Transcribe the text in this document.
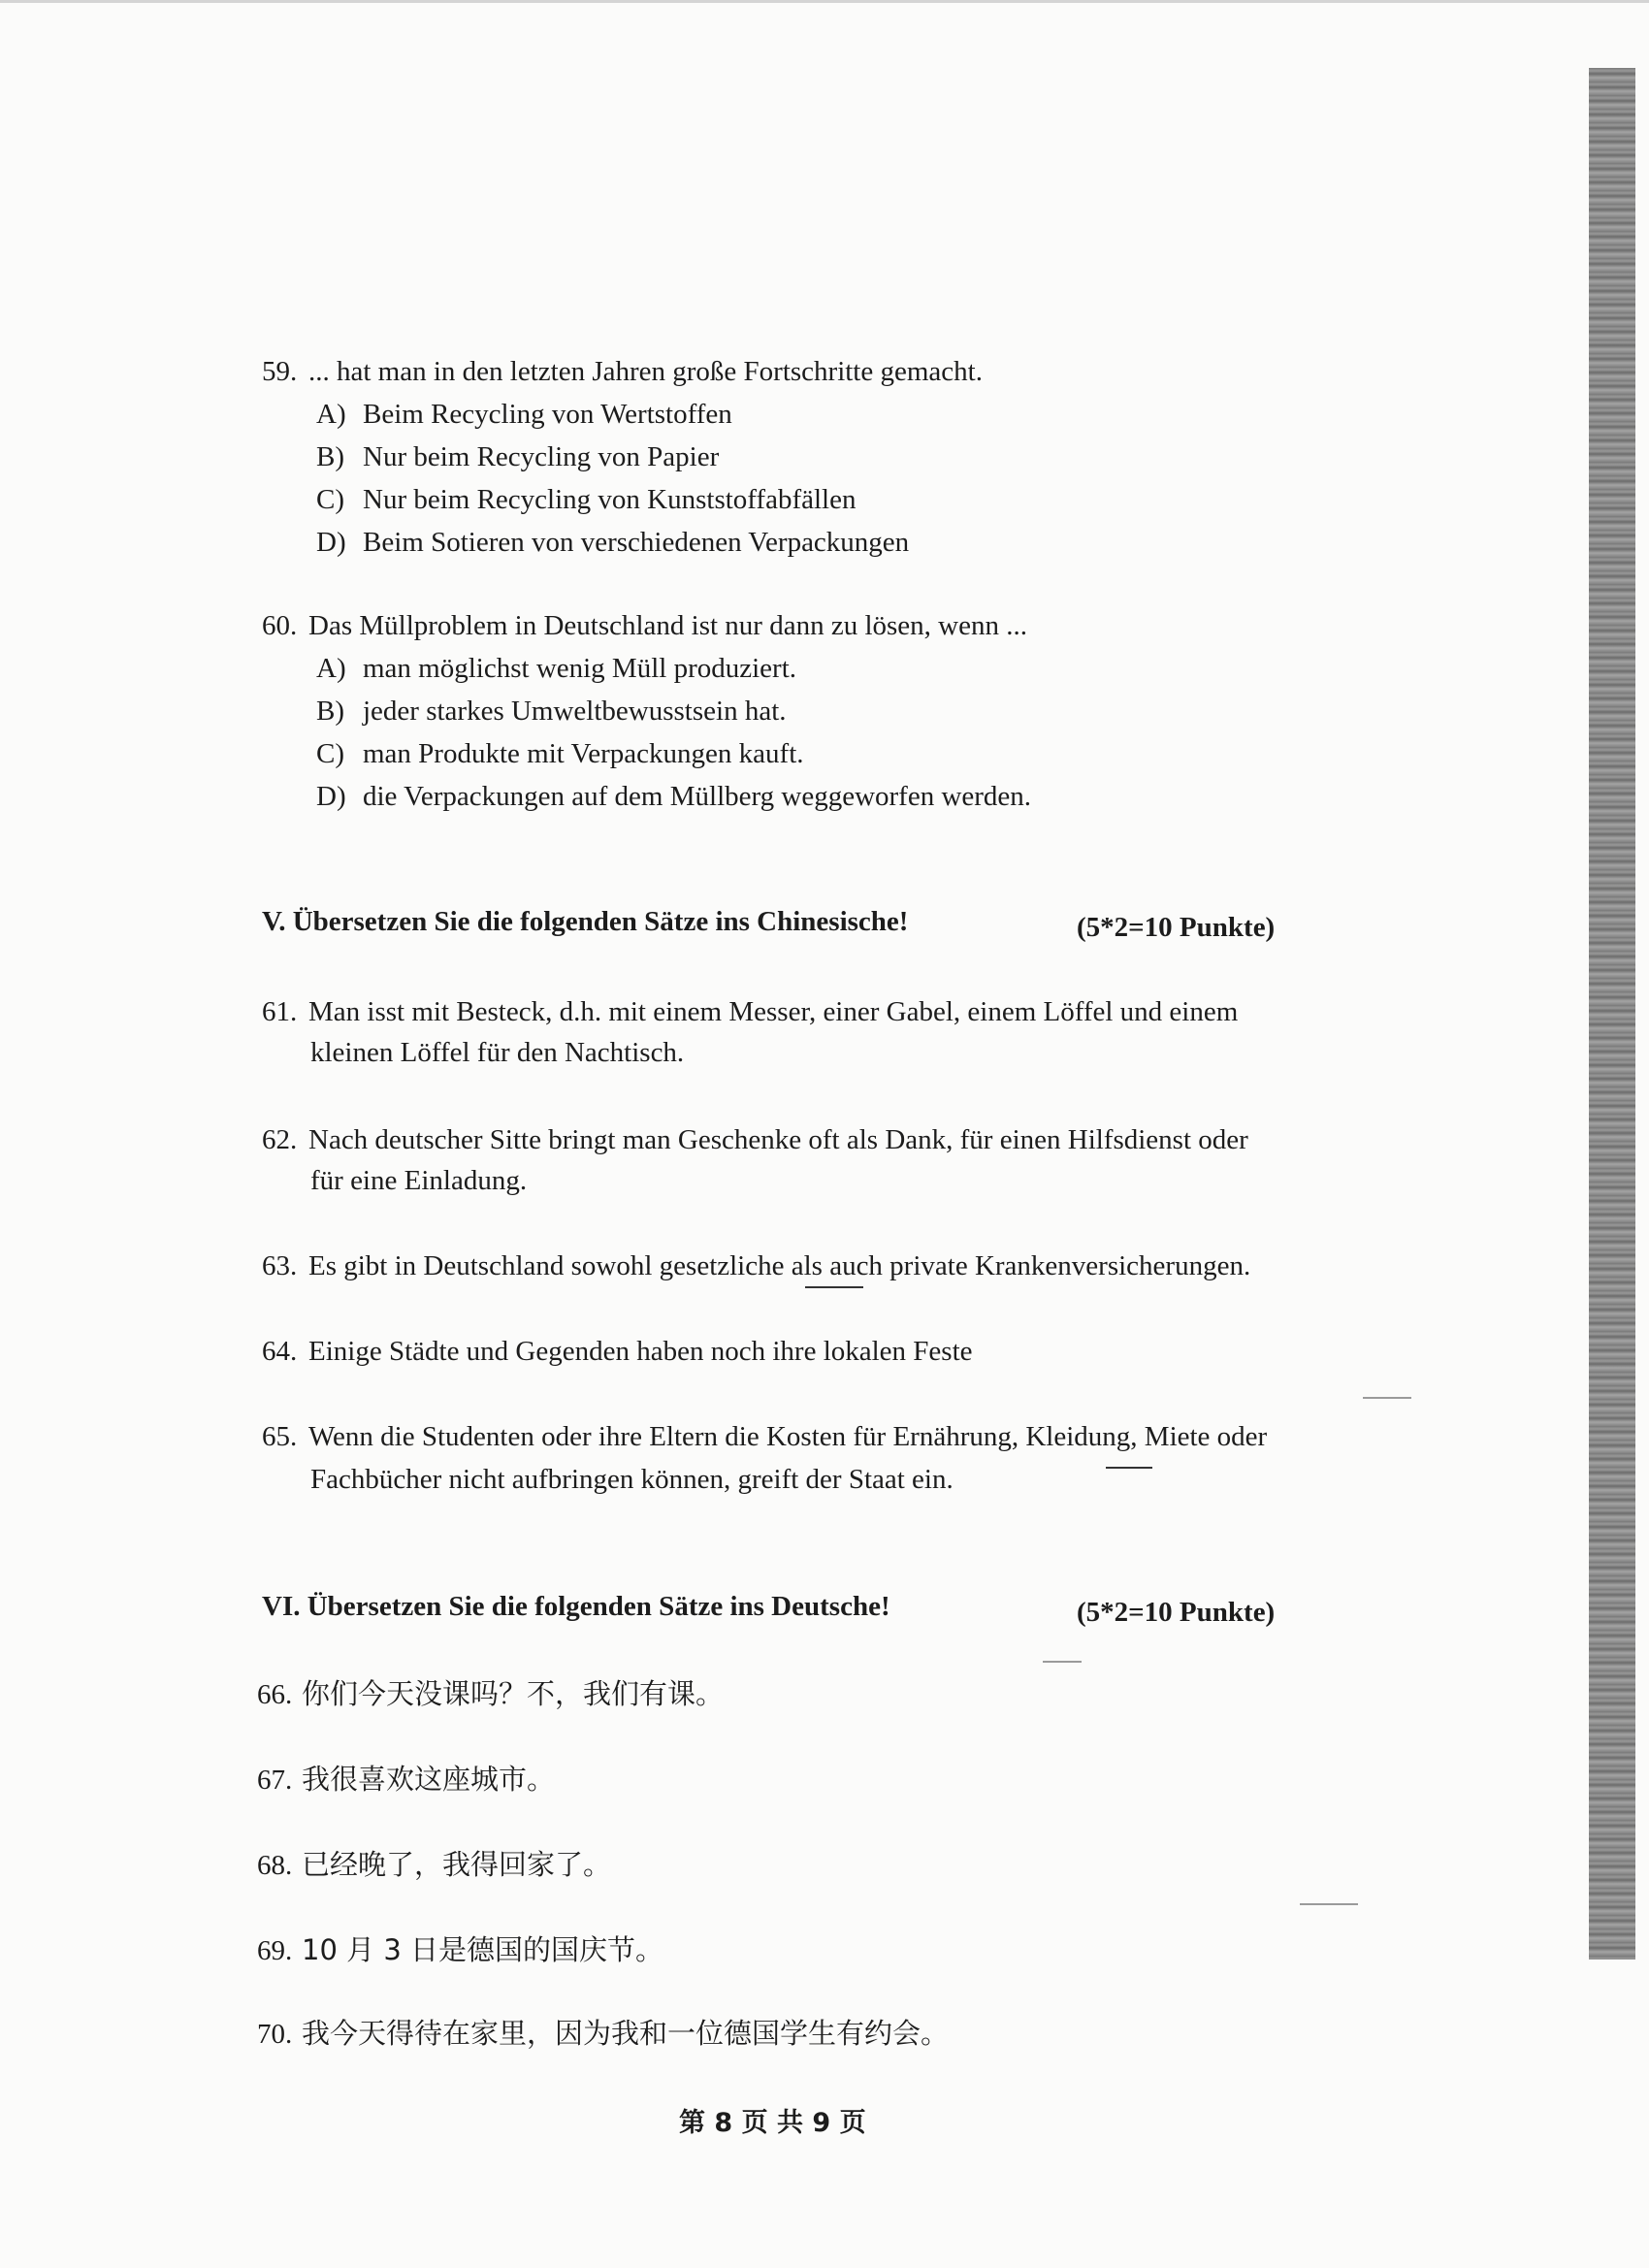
59. ... hat man in den letzten Jahren große Fortschritte gemacht.
A) Beim Recycling von Wertstoffen
B) Nur beim Recycling von Papier
C) Nur beim Recycling von Kunststoffabfällen
D) Beim Sotieren von verschiedenen Verpackungen
60. Das Müllproblem in Deutschland ist nur dann zu lösen, wenn ...
A) man möglichst wenig Müll produziert.
B) jeder starkes Umweltbewusstsein hat.
C) man Produkte mit Verpackungen kauft.
D) die Verpackungen auf dem Müllberg weggeworfen werden.
V. Übersetzen Sie die folgenden Sätze ins Chinesische!	(5*2=10 Punkte)
61. Man isst mit Besteck, d.h. mit einem Messer, einer Gabel, einem Löffel und einem
kleinen Löffel für den Nachtisch.
62. Nach deutscher Sitte bringt man Geschenke oft als Dank, für einen Hilfsdienst oder
für eine Einladung.
63. Es gibt in Deutschland sowohl gesetzliche als auch private Krankenversicherungen.
64. Einige Städte und Gegenden haben noch ihre lokalen Feste
65. Wenn die Studenten oder ihre Eltern die Kosten für Ernährung, Kleidung, Miete oder
Fachbücher nicht aufbringen können, greift der Staat ein.
VI. Übersetzen Sie die folgenden Sätze ins Deutsche!	(5*2=10 Punkte)
66. 你们今天没课吗？不，我们有课。
67. 我很喜欢这座城市。
68. 已经晚了，我得回家了。
69. 10 月 3 日是德国的国庆节。
70. 我今天得待在家里，因为我和一位德国学生有约会。
第 8 页 共 9 页
